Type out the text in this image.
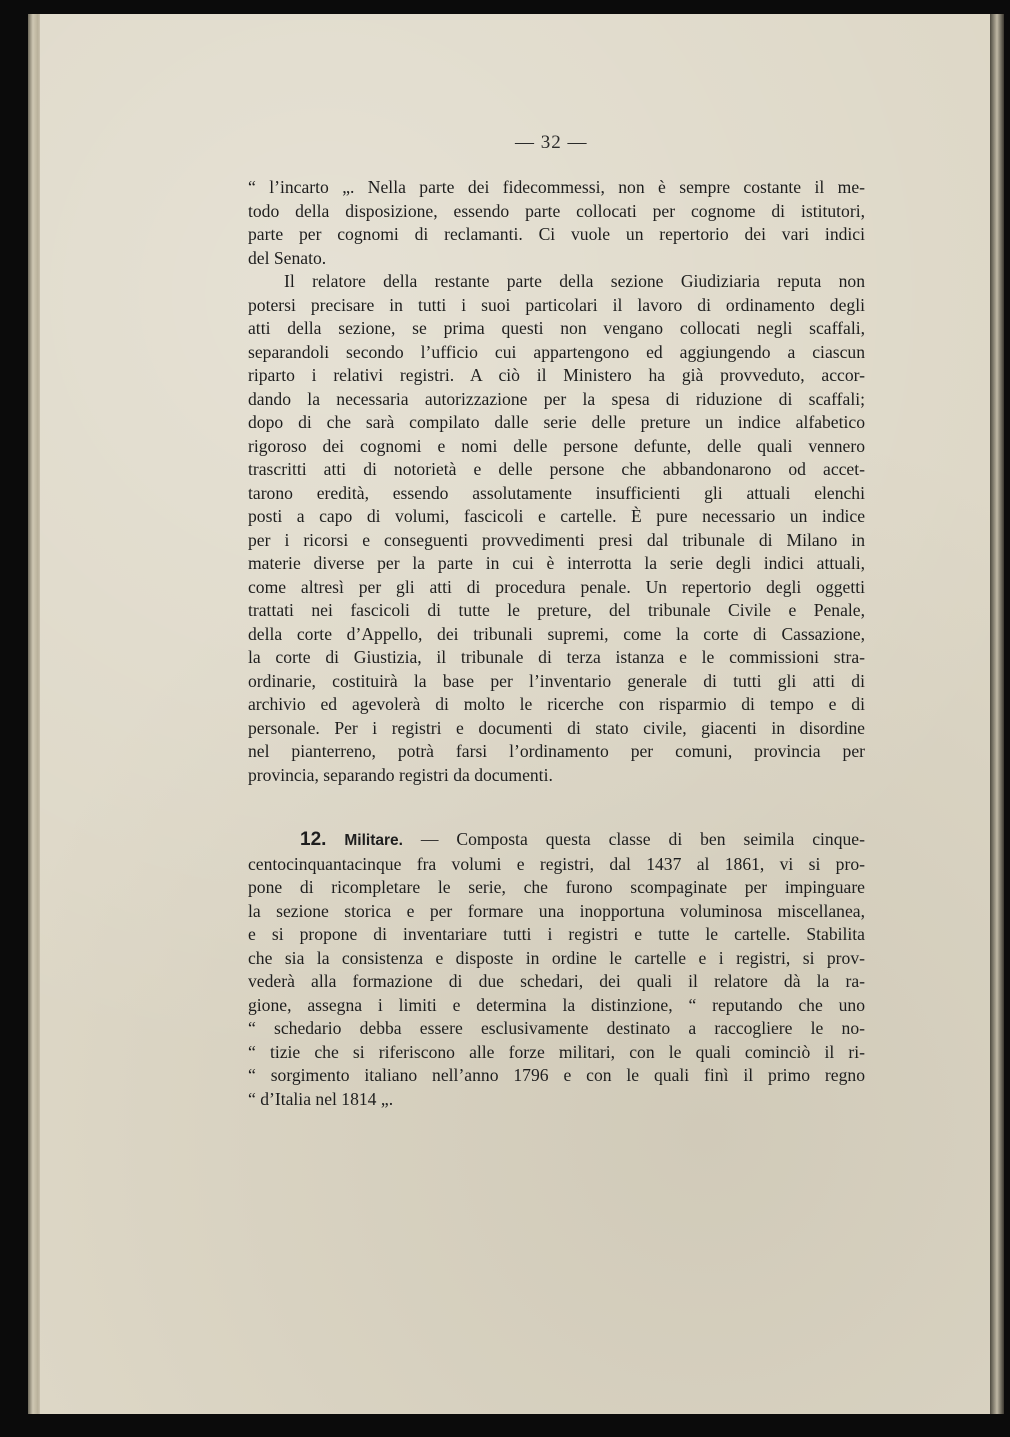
— 32 —
“ l’incarto „. Nella parte dei fidecommessi, non è sempre costante il me-
todo della disposizione, essendo parte collocati per cognome di istitutori,
parte per cognomi di reclamanti. Ci vuole un repertorio dei vari indici
del Senato.
Il relatore della restante parte della sezione Giudiziaria reputa non
potersi precisare in tutti i suoi particolari il lavoro di ordinamento degli
atti della sezione, se prima questi non vengano collocati negli scaffali,
separandoli secondo l’ufficio cui appartengono ed aggiungendo a ciascun
riparto i relativi registri. A ciò il Ministero ha già provveduto, accor-
dando la necessaria autorizzazione per la spesa di riduzione di scaffali;
dopo di che sarà compilato dalle serie delle preture un indice alfabetico
rigoroso dei cognomi e nomi delle persone defunte, delle quali vennero
trascritti atti di notorietà e delle persone che abbandonarono od accet-
tarono eredità, essendo assolutamente insufficienti gli attuali elenchi
posti a capo di volumi, fascicoli e cartelle. È pure necessario un indice
per i ricorsi e conseguenti provvedimenti presi dal tribunale di Milano in
materie diverse per la parte in cui è interrotta la serie degli indici attuali,
come altresì per gli atti di procedura penale. Un repertorio degli oggetti
trattati nei fascicoli di tutte le preture, del tribunale Civile e Penale,
della corte d’Appello, dei tribunali supremi, come la corte di Cassazione,
la corte di Giustizia, il tribunale di terza istanza e le commissioni stra-
ordinarie, costituirà la base per l’inventario generale di tutti gli atti di
archivio ed agevolerà di molto le ricerche con risparmio di tempo e di
personale. Per i registri e documenti di stato civile, giacenti in disordine
nel pianterreno, potrà farsi l’ordinamento per comuni, provincia per
provincia, separando registri da documenti.
12. Militare. — Composta questa classe di ben seimila cinque-
centocinquantacinque fra volumi e registri, dal 1437 al 1861, vi si pro-
pone di ricompletare le serie, che furono scompaginate per impinguare
la sezione storica e per formare una inopportuna voluminosa miscellanea,
e si propone di inventariare tutti i registri e tutte le cartelle. Stabilita
che sia la consistenza e disposte in ordine le cartelle e i registri, si prov-
vederà alla formazione di due schedari, dei quali il relatore dà la ra-
gione, assegna i limiti e determina la distinzione, “ reputando che uno
“ schedario debba essere esclusivamente destinato a raccogliere le no-
“ tizie che si riferiscono alle forze militari, con le quali cominciò il ri-
“ sorgimento italiano nell’anno 1796 e con le quali finì il primo regno
“ d’Italia nel 1814 „.
